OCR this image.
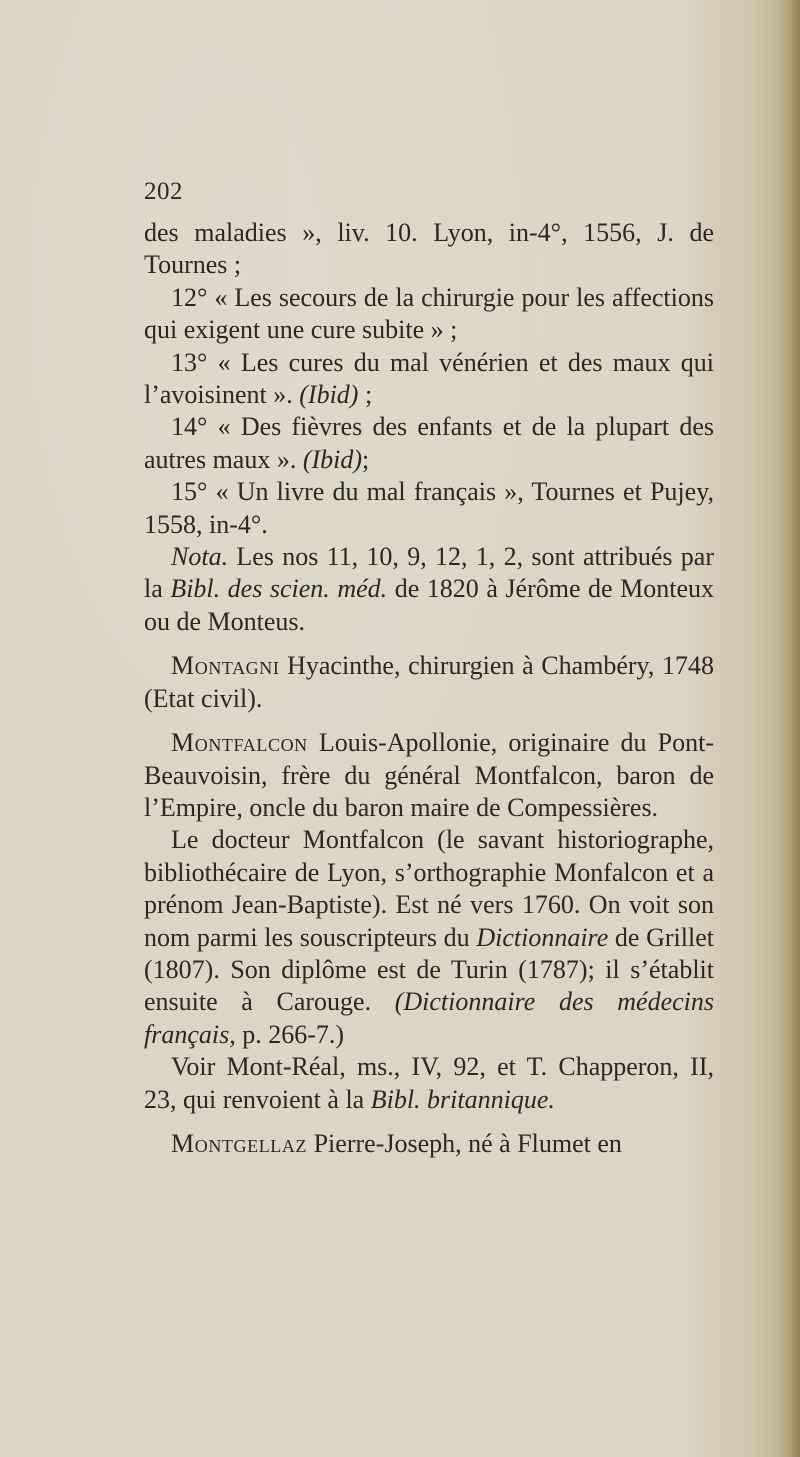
202

des maladies », liv. 10. Lyon, in-4°, 1556, J. de Tournes ;

12° « Les secours de la chirurgie pour les affections qui exigent une cure subite » ;

13° « Les cures du mal vénérien et des maux qui l’avoisinent ». (Ibid) ;

14° « Des fièvres des enfants et de la plupart des autres maux ». (Ibid);

15° « Un livre du mal français », Tournes et Pujey, 1558, in-4°.

Nota. Les nos 11, 10, 9, 12, 1, 2, sont attribués par la Bibl. des scien. méd. de 1820 à Jérôme de Monteux ou de Monteus.

Montagni Hyacinthe, chirurgien à Chambéry, 1748 (Etat civil).

Montfalcon Louis-Apollonie, originaire du Pont-Beauvoisin, frère du général Montfalcon, baron de l’Empire, oncle du baron maire de Compessières.

Le docteur Montfalcon (le savant historiographe, bibliothécaire de Lyon, s’orthographie Monfalcon et a prénom Jean-Baptiste). Est né vers 1760. On voit son nom parmi les souscripteurs du Dictionnaire de Grillet (1807). Son diplôme est de Turin (1787); il s’établit ensuite à Carouge. (Dictionnaire des médecins français, p. 266-7.)

Voir Mont-Réal, ms., IV, 92, et T. Chapperon, II, 23, qui renvoient à la Bibl. britannique.

Montgellaz Pierre-Joseph, né à Flumet en
